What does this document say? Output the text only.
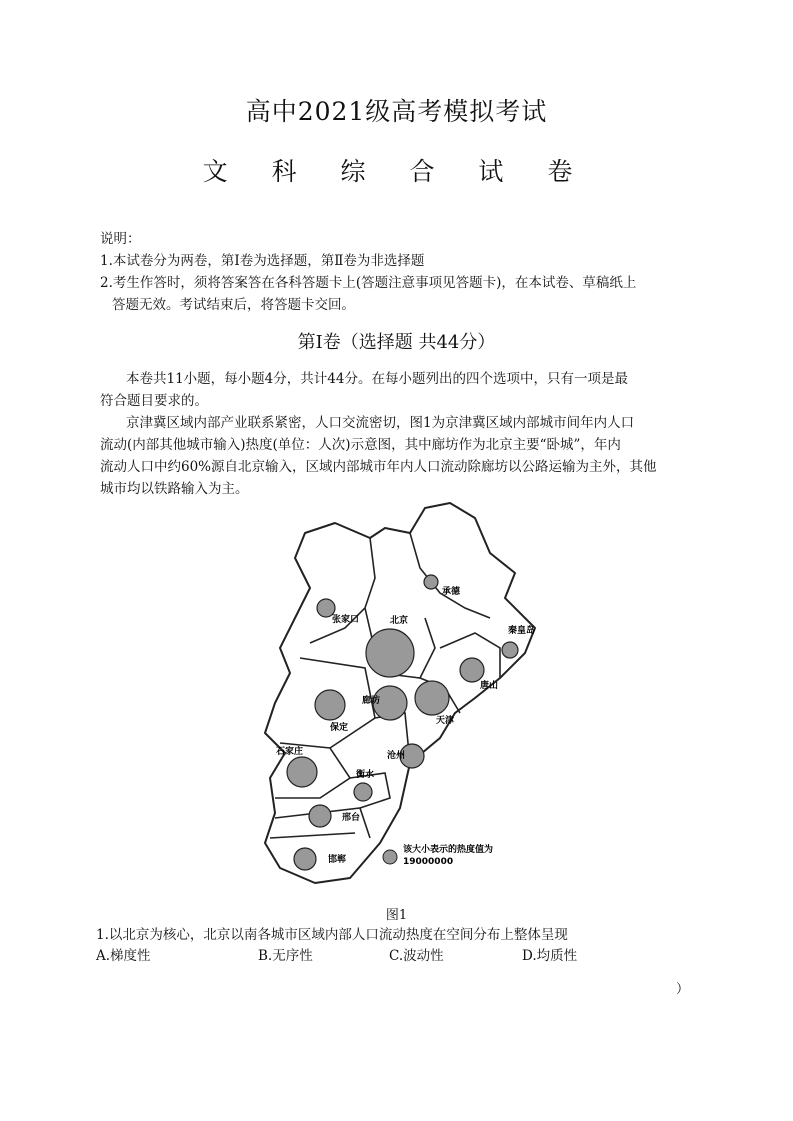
高中2021级高考模拟考试
文 科 综 合 试 卷
说明：
1.本试卷分为两卷，第Ⅰ卷为选择题，第Ⅱ卷为非选择题
2.考生作答时，须将答案答在各科答题卡上(答题注意事项见答题卡)，在本试卷、草稿纸上
答题无效。考试结束后，将答题卡交回。
第Ⅰ卷（选择题 共44分）
本卷共11小题，每小题4分，共计44分。在每小题列出的四个选项中，只有一项是最
符合题目要求的。
京津冀区域内部产业联系紧密，人口交流密切，图1为京津冀区域内部城市间年内人口
流动(内部其他城市输入)热度(单位：人次)示意图，其中廊坊作为北京主要“卧城”，年内
流动人口中约60%源自北京输入，区域内部城市年内人口流动除廊坊以公路运输为主外，其他
城市均以铁路输入为主。
张家口	北京
承德
秦皇岛
唐山
廊坊
天津
保定
沧州
石家庄
衡水
邢台
邯郸
该大小表示的热度值为
19000000
图1
1.以北京为核心，北京以南各城市区域内部人口流动热度在空间分布上整体呈现
A.梯度性	B.无序性	C.波动性	D.均质性
）
